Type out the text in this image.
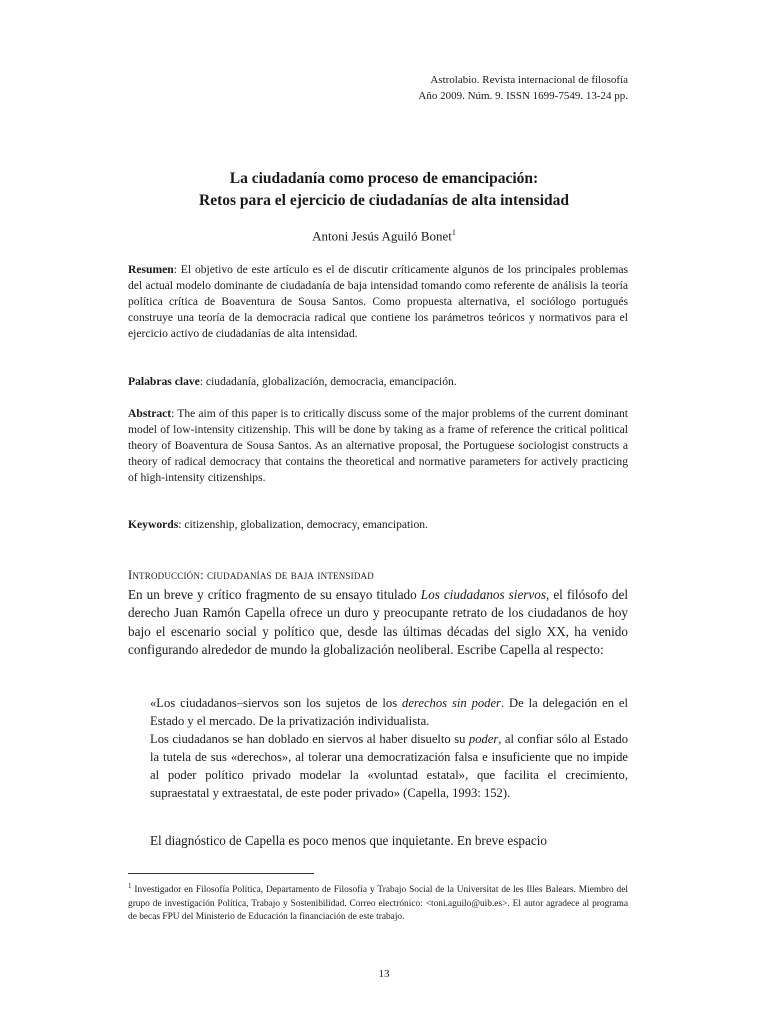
Astrolabio. Revista internacional de filosofía
Año 2009. Núm. 9. ISSN 1699-7549. 13-24 pp.
La ciudadanía como proceso de emancipación:
Retos para el ejercicio de ciudadanías de alta intensidad
Antoni Jesús Aguiló Bonet$^1$

Resumen: El objetivo de este artículo es el de discutir críticamente algunos de los principales problemas del actual modelo dominante de ciudadanía de baja intensidad tomando como referente de análisis la teoría política crítica de Boaventura de Sousa Santos. Como propuesta alternativa, el sociólogo portugués construye una teoría de la democracia radical que contiene los parámetros teóricos y normativos para el ejercicio activo de ciudadanías de alta intensidad.

Palabras clave: ciudadanía, globalización, democracia, emancipación.

Abstract: The aim of this paper is to critically discuss some of the major problems of the current dominant model of low-intensity citizenship. This will be done by taking as a frame of reference the critical political theory of Boaventura de Sousa Santos. As an alternative proposal, the Portuguese sociologist constructs a theory of radical democracy that contains the theoretical and normative parameters for actively practicing of high-intensity citizenships.

Keywords: citizenship, globalization, democracy, emancipation.

Introducción: ciudadanías de baja intensidad

En un breve y crítico fragmento de su ensayo titulado Los ciudadanos siervos, el filósofo del derecho Juan Ramón Capella ofrece un duro y preocupante retrato de los ciudadanos de hoy bajo el escenario social y político que, desde las últimas décadas del siglo XX, ha venido configurando alrededor de mundo la globalización neoliberal. Escribe Capella al respecto:

«Los ciudadanos–siervos son los sujetos de los derechos sin poder. De la delegación en el Estado y el mercado. De la privatización individualista.

Los ciudadanos se han doblado en siervos al haber disuelto su poder, al confiar sólo al Estado la tutela de sus «derechos», al tolerar una democratización falsa e insuficiente que no impide al poder político privado modelar la «voluntad estatal», que facilita el crecimiento, supraestatal y extraestatal, de este poder privado» (Capella, 1993: 152).

El diagnóstico de Capella es poco menos que inquietante. En breve espacio

$^1$ Investigador en Filosofía Política, Departamento de Filosofía y Trabajo Social de la Universitat de les Illes Balears. Miembro del grupo de investigación Política, Trabajo y Sostenibilidad. Correo electrónico: <toni.aguilo@uib.es>. El autor agradece al programa de becas FPU del Ministerio de Educación la financiación de este trabajo.

13
